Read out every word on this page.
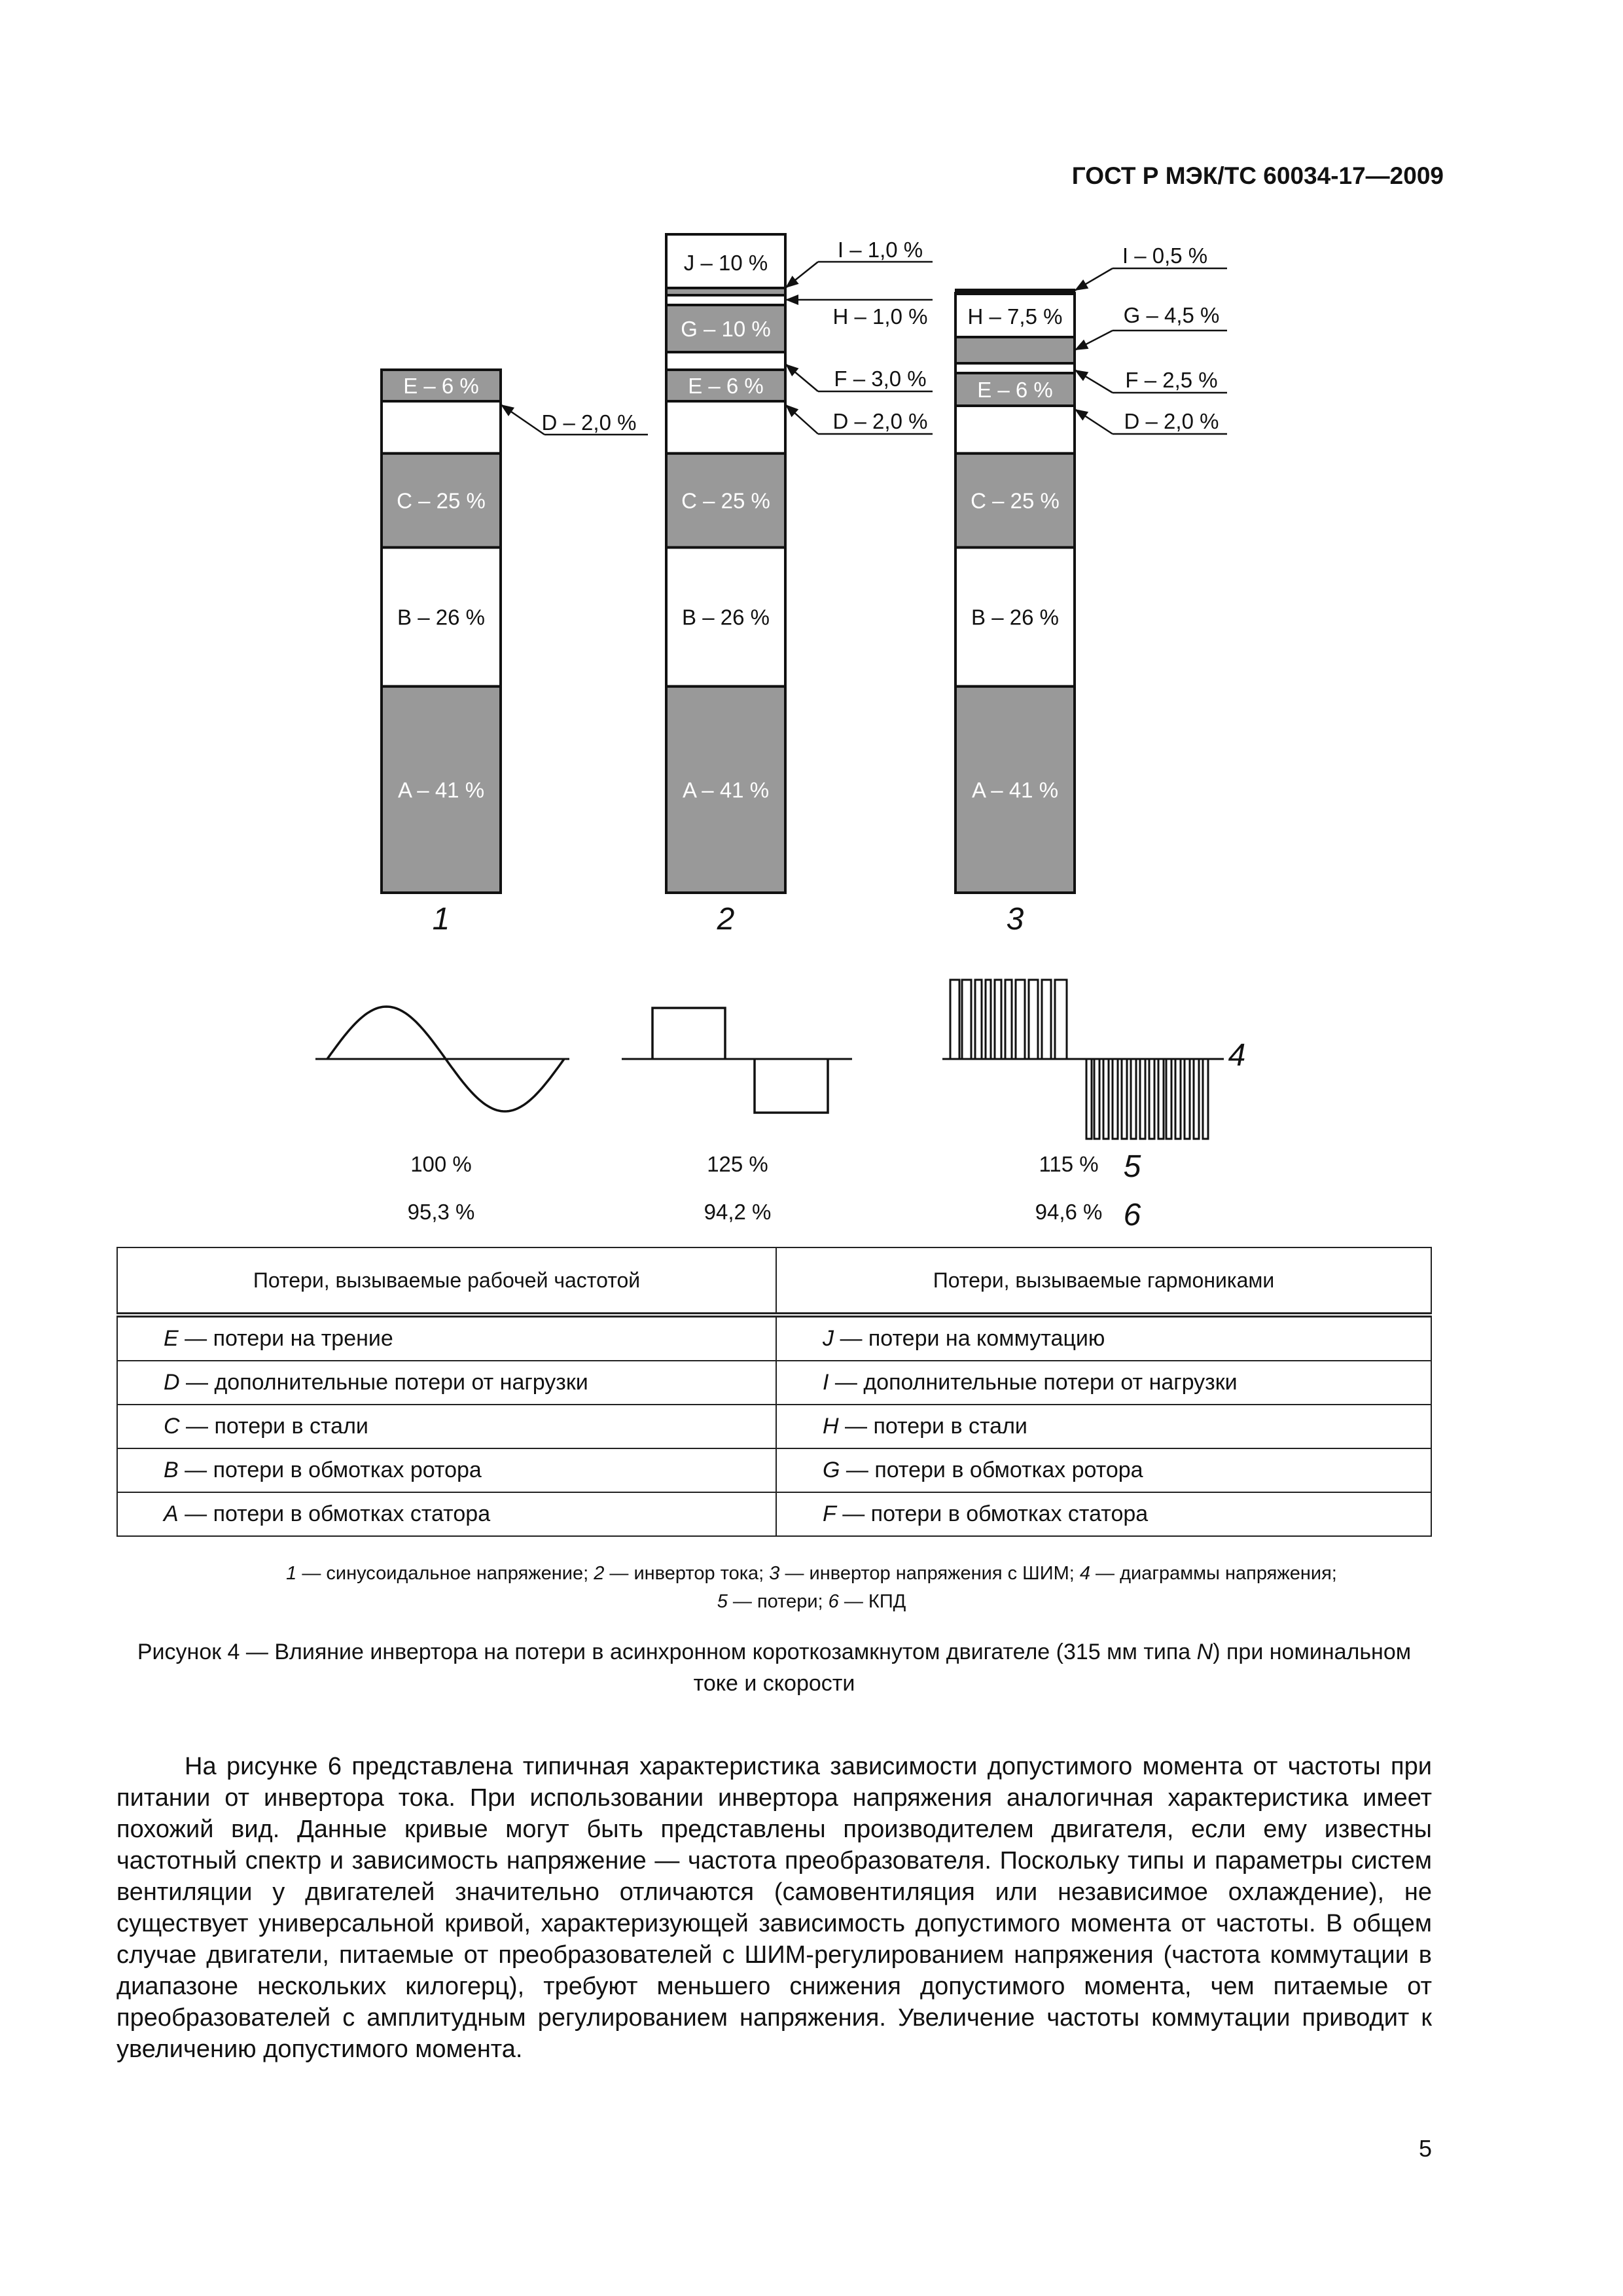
ГОСТ Р МЭК/ТС 60034-17—2009
A – 41 %
B – 26 %
C – 25 %
E – 6 %
1
A – 41 %
B – 26 %
C – 25 %
E – 6 %
2
A – 41 %
B – 26 %
C – 25 %
E – 6 %
3
G – 10 %
J – 10 %
H – 7,5 %
D – 2,0 %
I – 1,0 %
H – 1,0 %
F – 3,0 %
D – 2,0 %
I – 0,5 %
G – 4,5 %
F – 2,5 %
D – 2,0 %
4
100 %	125 %	115 %
95,3 %	94,2 %	94,6 %
5
6
Потери, вызываемые рабочей частотой	Потери, вызываемые гармониками
E — потери на трение	J — потери на коммутацию
D — дополнительные потери от нагрузки	I — дополнительные потери от нагрузки
C — потери в стали	H — потери в стали
B — потери в обмотках ротора	G — потери в обмотках ротора
A — потери в обмотках статора	F — потери в обмотках статора
1 — синусоидальное напряжение; 2 — инвертор тока; 3 — инвертор напряжения с ШИМ; 4 — диаграммы напряжения;
5 — потери; 6 — КПД
Рисунок 4 — Влияние инвертора на потери в асинхронном короткозамкнутом двигателе (315 мм типа N) при номинальном токе и скорости
На рисунке 6 представлена типичная характеристика зависимости допустимого момента от частоты при питании от инвертора тока. При использовании инвертора напряжения аналогичная характеристика имеет похожий вид. Данные кривые могут быть представлены производителем двигателя, если ему известны частотный спектр и зависимость напряжение — частота преобразователя. Поскольку типы и параметры систем вентиляции у двигателей значительно отличаются (самовентиляция или независимое охлаждение), не существует универсальной кривой, характеризующей зависимость допустимого момента от частоты. В общем случае двигатели, питаемые от преобразователей с ШИМ-регулированием напряжения (частота коммутации в диапазоне нескольких килогерц), требуют меньшего снижения допустимого момента, чем питаемые от преобразователей с амплитудным регулированием напряжения. Увеличение частоты коммутации приводит к увеличению допустимого момента.
5
